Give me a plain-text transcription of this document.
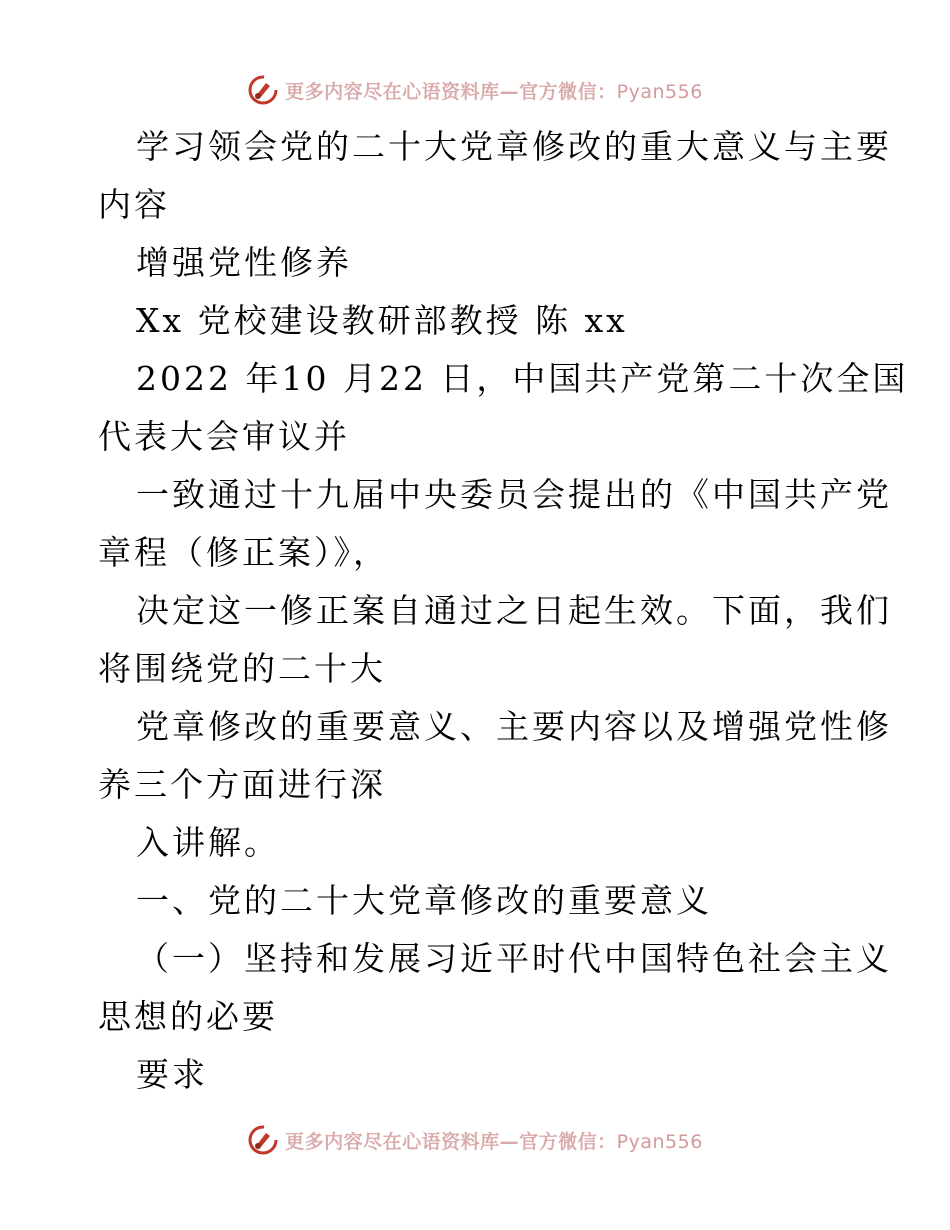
更多内容尽在心语资料库—官方微信：Pyan556
学习领会党的二十大党章修改的重大意义与主要
内容
增强党性修养
Xx 党校建设教研部教授 陈 xx
2022 年10 月22 日，中国共产党第二十次全国
代表大会审议并
一致通过十九届中央委员会提出的《中国共产党
章程（修正案）》，
决定这一修正案自通过之日起生效。下面，我们
将围绕党的二十大
党章修改的重要意义、主要内容以及增强党性修
养三个方面进行深
入讲解。
一、党的二十大党章修改的重要意义
（一）坚持和发展习近平时代中国特色社会主义
思想的必要
要求
更多内容尽在心语资料库—官方微信：Pyan556
